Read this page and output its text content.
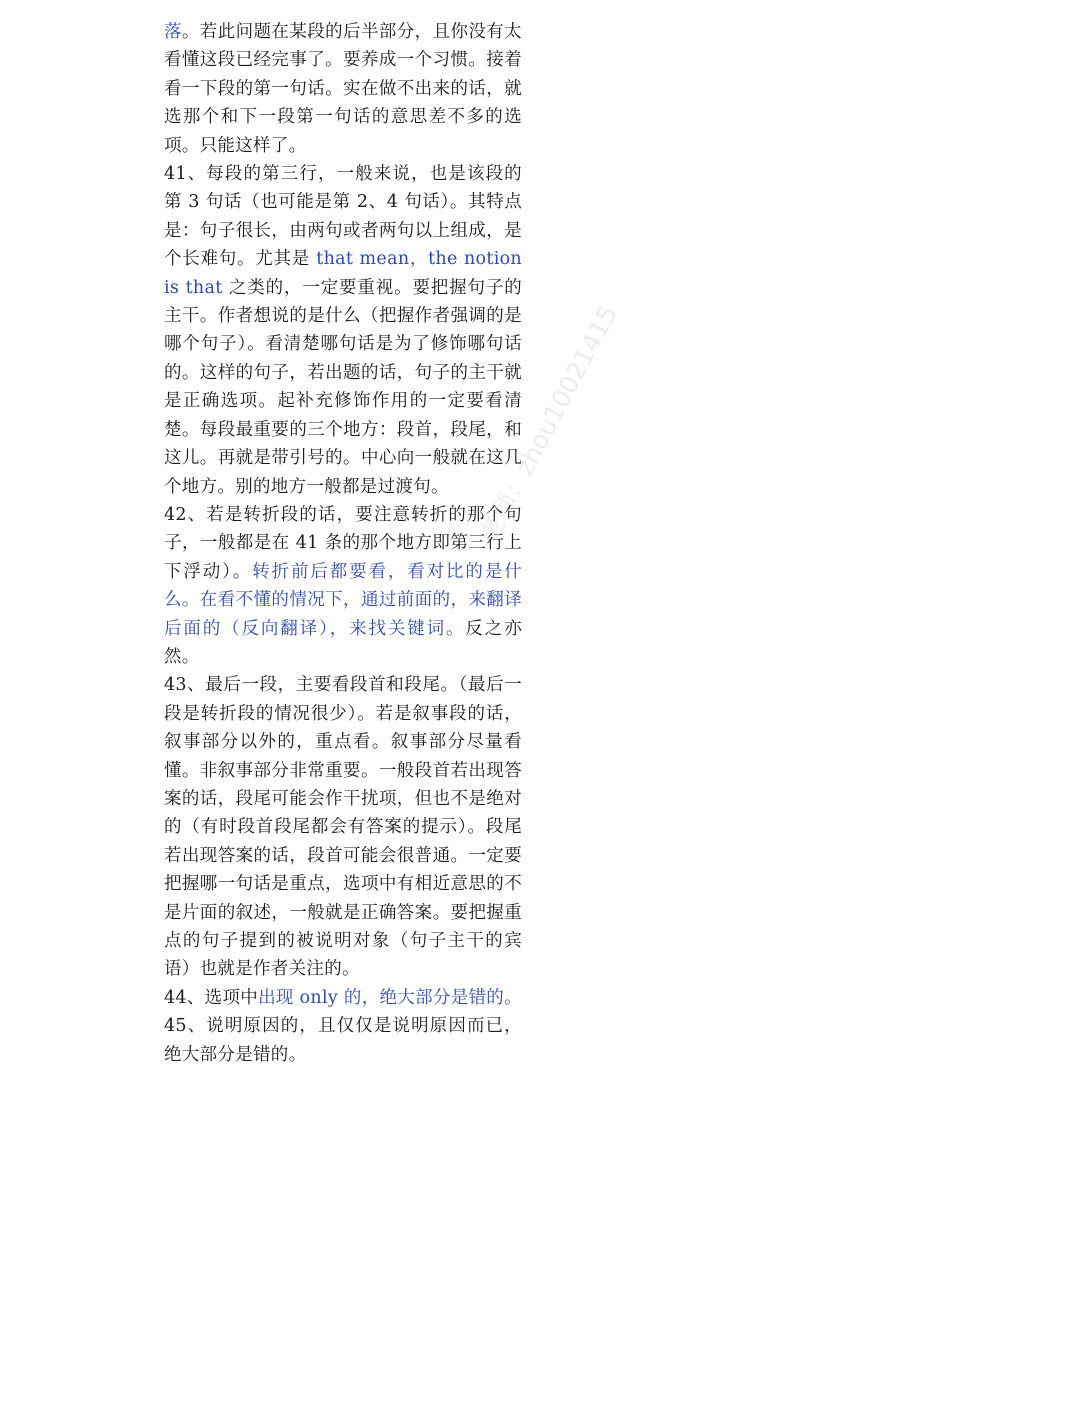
落。若此问题在某段的后半部分，且你没有太看懂这段已经完事了。要养成一个习惯。接着看一下段的第一句话。实在做不出来的话，就选那个和下一段第一句话的意思差不多的选项。只能这样了。

41、每段的第三行，一般来说，也是该段的第 3 句话（也可能是第 2、4 句话）。其特点是：句子很长，由两句或者两句以上组成，是个长难句。尤其是 that mean，the notion is that 之类的，一定要重视。要把握句子的主干。作者想说的是什么（把握作者强调的是哪个句子）。看清楚哪句话是为了修饰哪句话的。这样的句子，若出题的话，句子的主干就是正确选项。起补充修饰作用的一定要看清楚。每段最重要的三个地方：段首，段尾，和这儿。再就是带引号的。中心向一般就在这几个地方。别的地方一般都是过渡句。

42、若是转折段的话，要注意转折的那个句子，一般都是在 41 条的那个地方即第三行上下浮动）。转折前后都要看，看对比的是什么。在看不懂的情况下，通过前面的，来翻译后面的（反向翻译），来找关键词。反之亦然。

43、最后一段，主要看段首和段尾。（最后一段是转折段的情况很少）。若是叙事段的话，叙事部分以外的，重点看。叙事部分尽量看懂。非叙事部分非常重要。一般段首若出现答案的话，段尾可能会作干扰项，但也不是绝对的（有时段首段尾都会有答案的提示）。段尾若出现答案的话，段首可能会很普通。一定要把握哪一句话是重点，选项中有相近意思的不是片面的叙述，一般就是正确答案。要把握重点的句子提到的被说明对象（句子主干的宾语）也就是作者关注的。

44、选项中出现 only 的，绝大部分是错的。

45、说明原因的，且仅仅是说明原因而已，绝大部分是错的。

老师：zhou10021415
